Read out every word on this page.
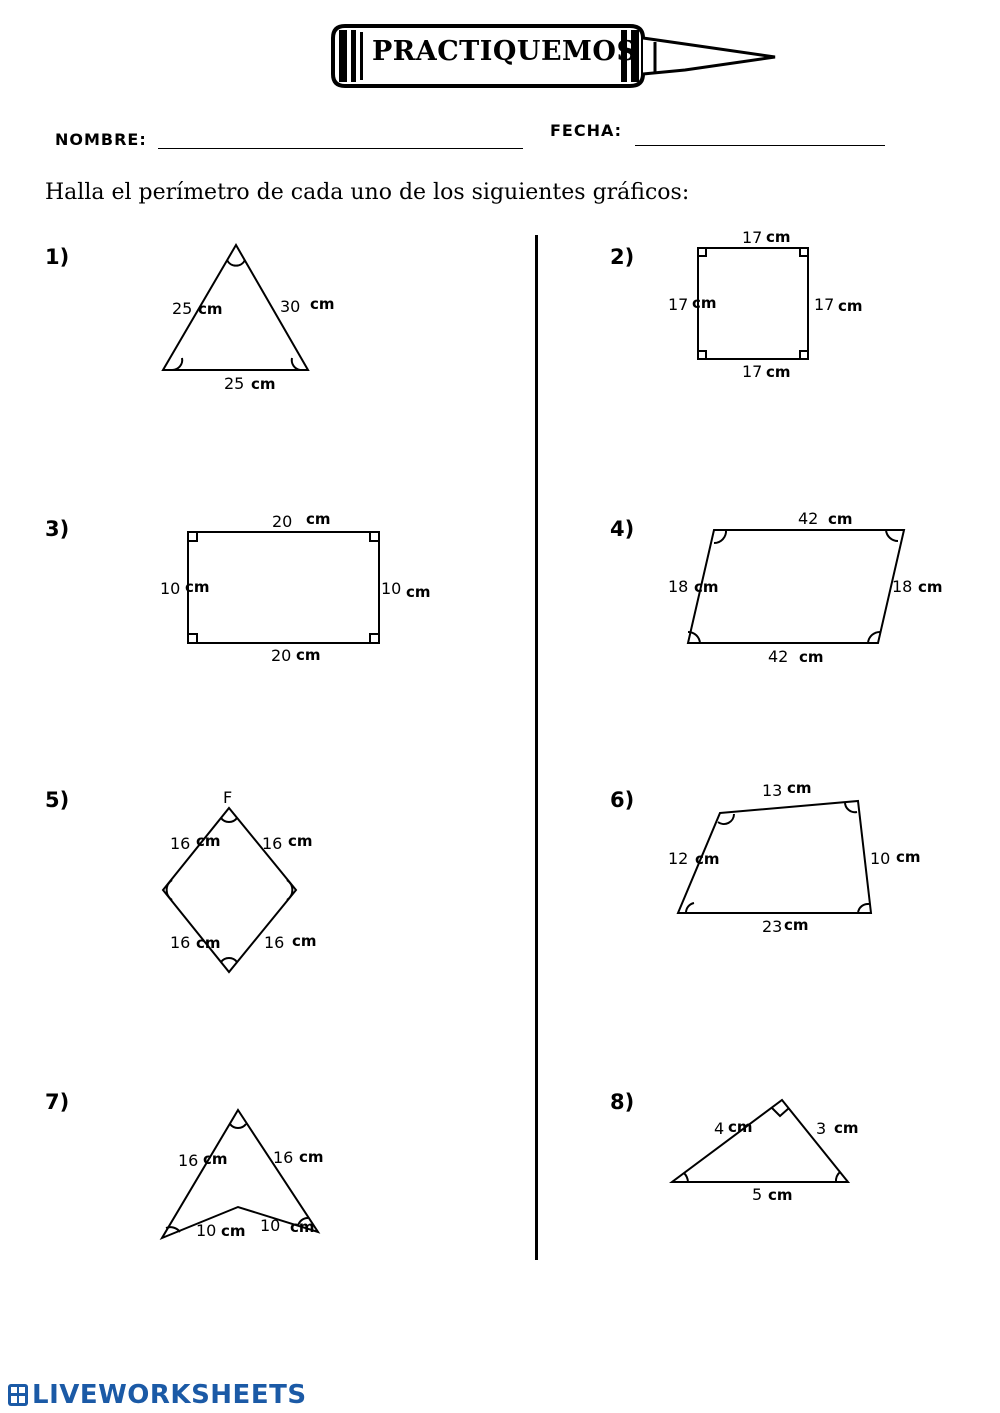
PRACTIQUEMOS
NOMBRE:	FECHA:
Halla el perímetro de cada uno de los siguientes gráficos:
1)	2)
3)	4)
5)	6)
7)	8)
25 cm	30 cm
25 cm
17 cm
17 cm	17 cm
17 cm
20 cm
10 cm	10 cm
20 cm
42 cm
18 cm	18 cm
42 cm
F
16 cm	16 cm
16 cm	16 cm
13 cm
12 cm	10 cm
23 cm
16 cm	16 cm
10 cm 10 cm
4 cm	3 cm
5 cm
LIVEWORKSHEETS
